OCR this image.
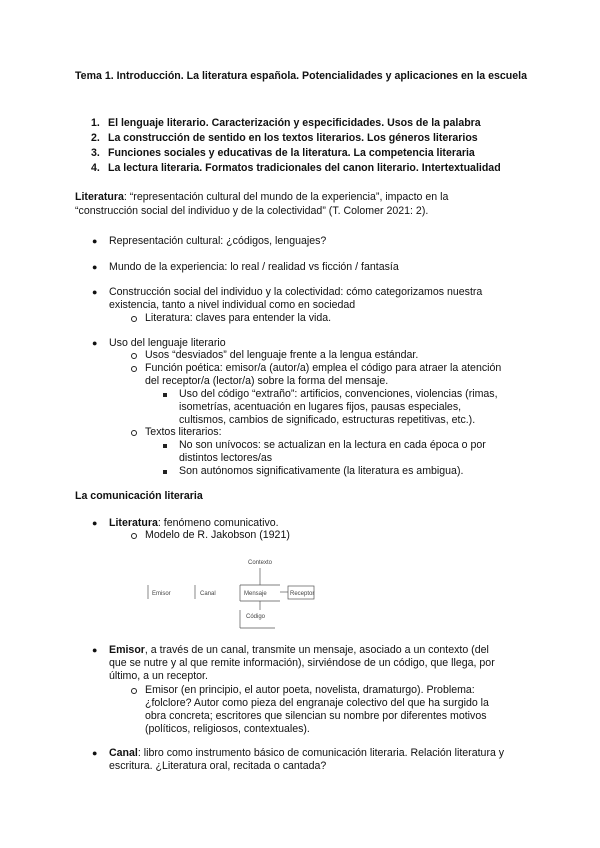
Tema 1. Introducción. La literatura española. Potencialidades y aplicaciones en la escuela
1. El lenguaje literario. Caracterización y especificidades. Usos de la palabra
2. La construcción de sentido en los textos literarios. Los géneros literarios
3. Funciones sociales y educativas de la literatura. La competencia literaria
4. La lectura literaria. Formatos tradicionales del canon literario. Intertextualidad
Literatura: “representación cultural del mundo de la experiencia”, impacto en la
“construcción social del individuo y de la colectividad” (T. Colomer 2021: 2).
● Representación cultural: ¿códigos, lenguajes?
● Mundo de la experiencia: lo real / realidad vs ficción / fantasía
● Construcción social del individuo y la colectividad: cómo categorizamos nuestra
existencia, tanto a nivel individual como en sociedad
Literatura: claves para entender la vida.
● Uso del lenguaje literario
Usos “desviados” del lenguaje frente a la lengua estándar.
Función poética: emisor/a (autor/a) emplea el código para atraer la atención
del receptor/a (lector/a) sobre la forma del mensaje.
Uso del código “extraño”: artificios, convenciones, violencias (rimas,
isometrías, acentuación en lugares fijos, pausas especiales,
cultismos, cambios de significado, estructuras repetitivas, etc.).
Textos literarios:
No son unívocos: se actualizan en la lectura en cada época o por
distintos lectores/as
Son autónomos significativamente (la literatura es ambigua).
La comunicación literaria
● Literatura: fenómeno comunicativo.
Modelo de R. Jakobson (1921)
Emisor	Canal	Mensaje	Receptor
Contexto
Código
● Emisor, a través de un canal, transmite un mensaje, asociado a un contexto (del
que se nutre y al que remite información), sirviéndose de un código, que llega, por
último, a un receptor.
Emisor (en principio, el autor poeta, novelista, dramaturgo). Problema:
¿folclore? Autor como pieza del engranaje colectivo del que ha surgido la
obra concreta; escritores que silencian su nombre por diferentes motivos
(políticos, religiosos, contextuales).
● Canal: libro como instrumento básico de comunicación literaria. Relación literatura y
escritura. ¿Literatura oral, recitada o cantada?
